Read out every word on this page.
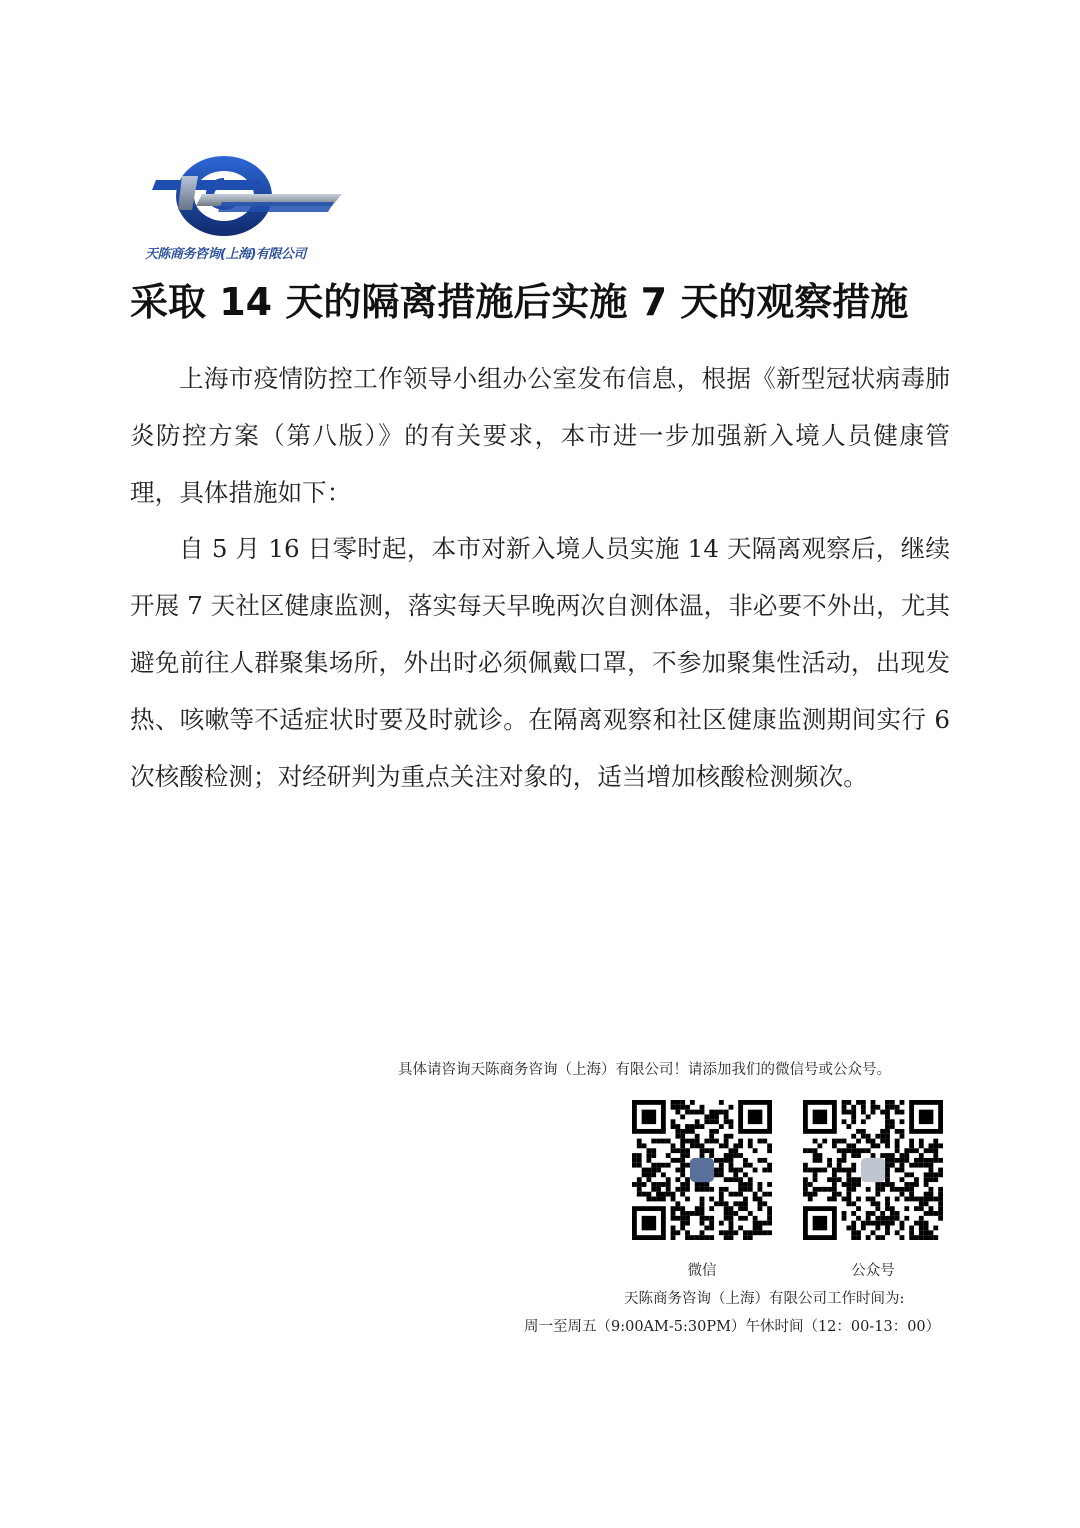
天陈商务咨询(上海)有限公司
采取 14 天的隔离措施后实施 7 天的观察措施
上海市疫情防控工作领导小组办公室发布信息，根据《新型冠状病毒肺炎防控方案（第八版）》的有关要求，本市进一步加强新入境人员健康管理，具体措施如下：
自 5 月 16 日零时起，本市对新入境人员实施 14 天隔离观察后，继续开展 7 天社区健康监测，落实每天早晚两次自测体温，非必要不外出，尤其避免前往人群聚集场所，外出时必须佩戴口罩，不参加聚集性活动，出现发热、咳嗽等不适症状时要及时就诊。在隔离观察和社区健康监测期间实行 6 次核酸检测；对经研判为重点关注对象的，适当增加核酸检测频次。
具体请咨询天陈商务咨询（上海）有限公司！请添加我们的微信号或公众号。
微信	公众号
天陈商务咨询（上海）有限公司工作时间为:
周一至周五（9:00AM-5:30PM）午休时间（12：00-13：00）
